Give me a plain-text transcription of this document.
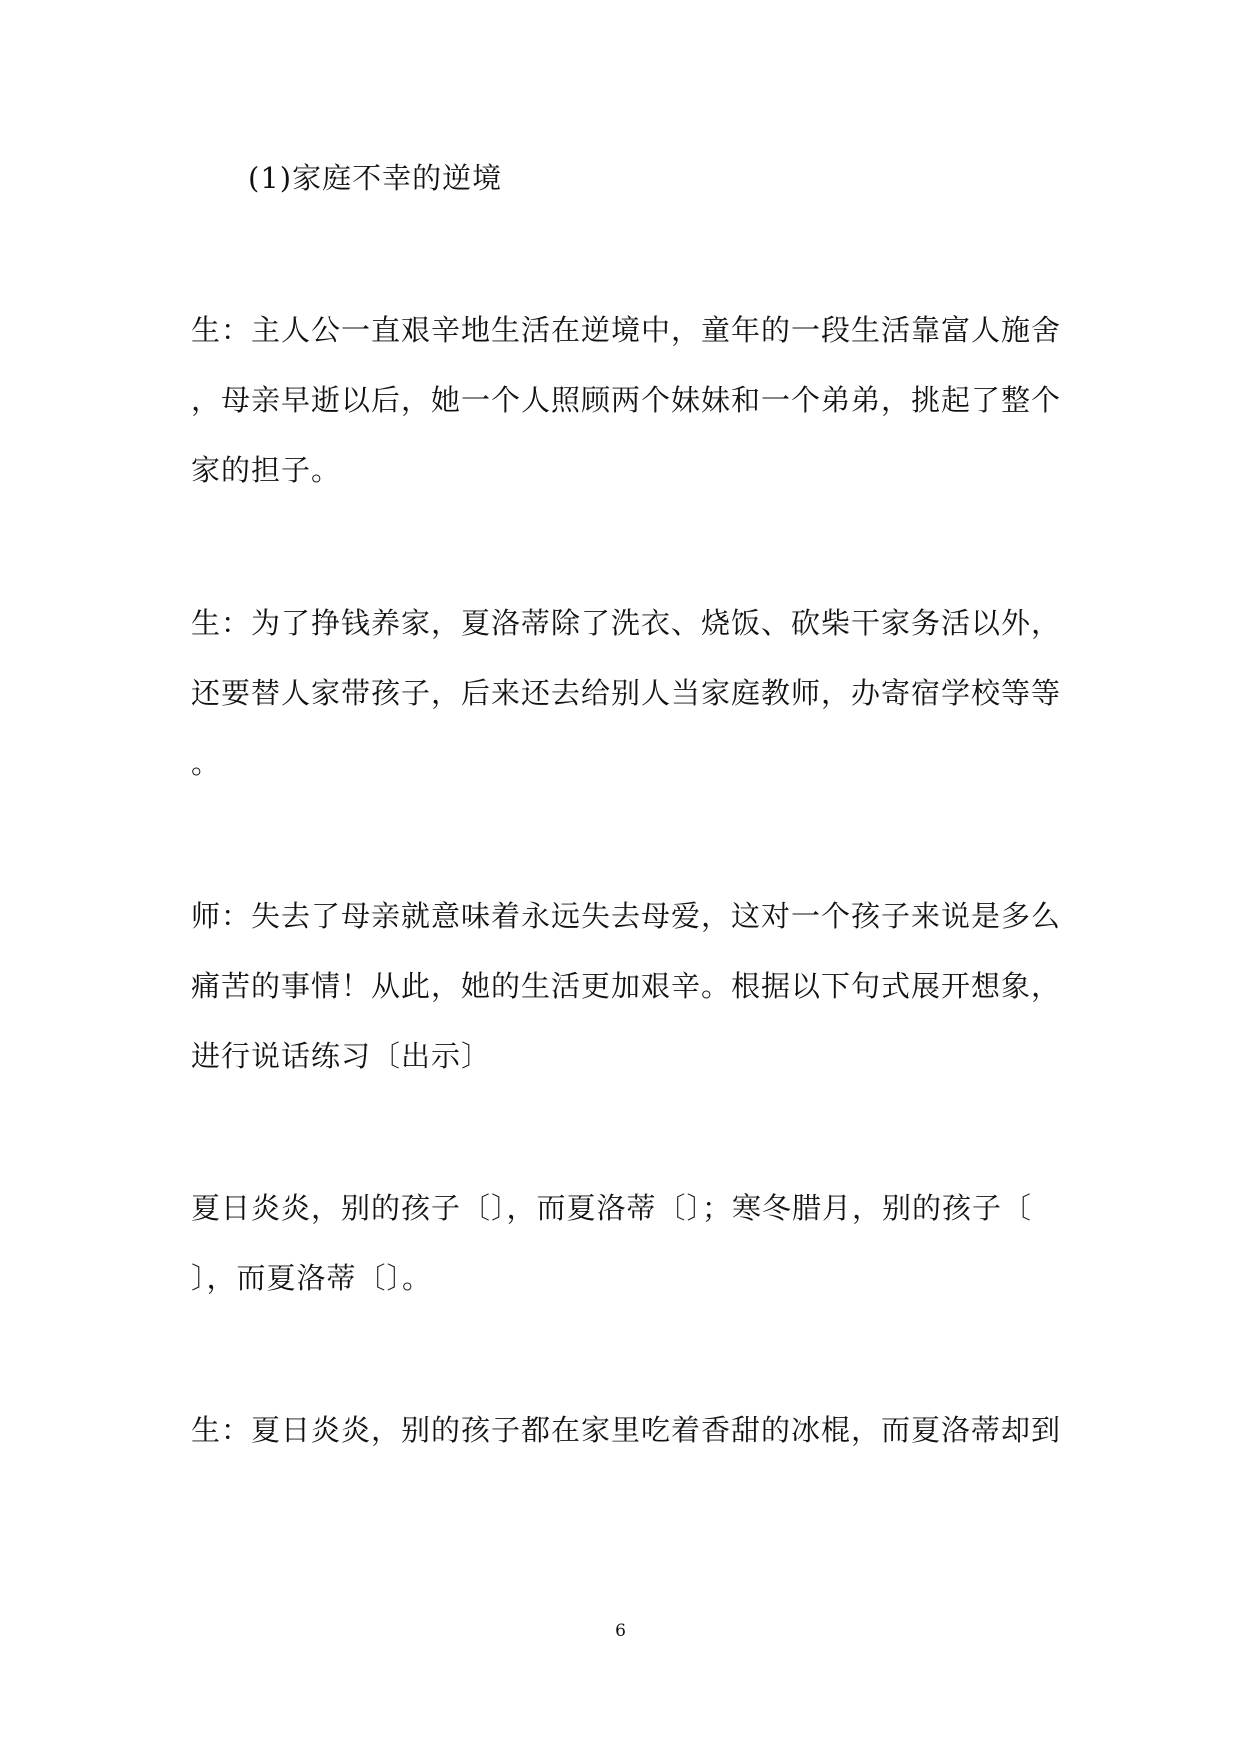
(1)家庭不幸的逆境
生：主人公一直艰辛地生活在逆境中，童年的一段生活靠富人施舍
，母亲早逝以后，她一个人照顾两个妹妹和一个弟弟，挑起了整个
家的担子。
生：为了挣钱养家，夏洛蒂除了洗衣、烧饭、砍柴干家务活以外，
还要替人家带孩子，后来还去给别人当家庭教师，办寄宿学校等等
。
师：失去了母亲就意味着永远失去母爱，这对一个孩子来说是多么
痛苦的事情！从此，她的生活更加艰辛。根据以下句式展开想象，
进行说话练习〔出示〕
夏日炎炎，别的孩子〔〕，而夏洛蒂〔〕；寒冬腊月，别的孩子〔
〕，而夏洛蒂〔〕。
生：夏日炎炎，别的孩子都在家里吃着香甜的冰棍，而夏洛蒂却到
6
